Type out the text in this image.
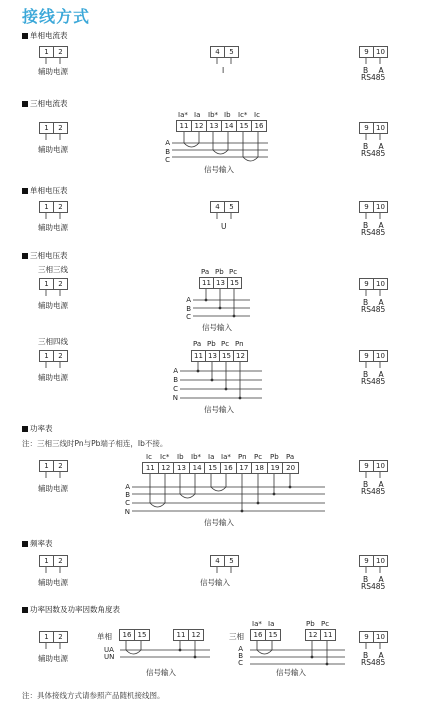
接线方式
单相电流表
1	2
辅助电源
4	5
I
9	10
B A
RS485
三相电流表
1	2
辅助电源
Ia* Ia Ib* Ib Ic* Ic
11 12 13 14 15 16
A
B
C
信号输入
9	10
B A
RS485
单相电压表
1	2
辅助电源
4	5
U
9	10
B A
RS485
三相电压表
三相三线
1	2
辅助电源
Pa Pb Pc
11 13 15
A
B
C
信号输入
9	10
B A
RS485
三相四线
1	2
辅助电源
Pa Pb Pc Pn
11 13 15 12
A
B
C
N
信号输入
9	10
B A
RS485
功率表
注：三相三线时Pn与Pb端子相连，Ib不接。
1	2
辅助电源
Ic Ic* Ib Ib* Ia Ia* Pn Pc Pb Pa
11 12 13 14 15 16 17 18 19 20
A
B
C
N
信号输入
9	10
B A
RS485
频率表
1	2
辅助电源
4	5
信号输入
9	10
B A
RS485
功率因数及功率因数角度表
1	2
辅助电源
单相	16 15	11 12
UA
UN
信号输入
三相
Ia* Ia
16 15
Pb Pc
12 11
A
B
C
信号输入
9	10
B A
RS485
注：具体接线方式请参照产品随机接线图。
